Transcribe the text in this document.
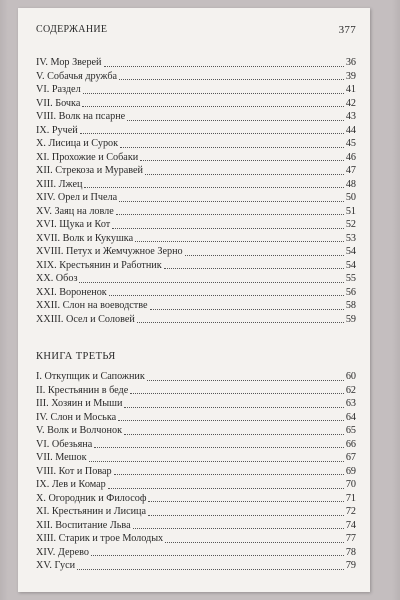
СОДЕРЖАНИЕ	377
IV. Мор Зверей	36
V. Собачья дружба	39
VI. Раздел	41
VII. Бочка	42
VIII. Волк на псарне	43
IX. Ручей	44
X. Лисица и Сурок	45
XI. Прохожие и Собаки	46
XII. Стрекоза и Муравей	47
XIII. Лжец	48
XIV. Орел и Пчела	50
XV. Заяц на ловле	51
XVI. Щука и Кот	52
XVII. Волк и Кукушка	53
XVIII. Петух и Жемчужное Зерно	54
XIX. Крестьянин и Работник	54
XX. Обоз	55
XXI. Вороненок	56
XXII. Слон на воеводстве	58
XXIII. Осел и Соловей	59
КНИГА ТРЕТЬЯ
I. Откупщик и Сапожник	60
II. Крестьянин в беде	62
III. Хозяин и Мыши	63
IV. Слон и Моська	64
V. Волк и Волчонок	65
VI. Обезьяна	66
VII. Мешок	67
VIII. Кот и Повар	69
IX. Лев и Комар	70
X. Огородник и Философ	71
XI. Крестьянин и Лисица	72
XII. Воспитание Льва	74
XIII. Старик и трое Молодых	77
XIV. Дерево	78
XV. Гуси	79
